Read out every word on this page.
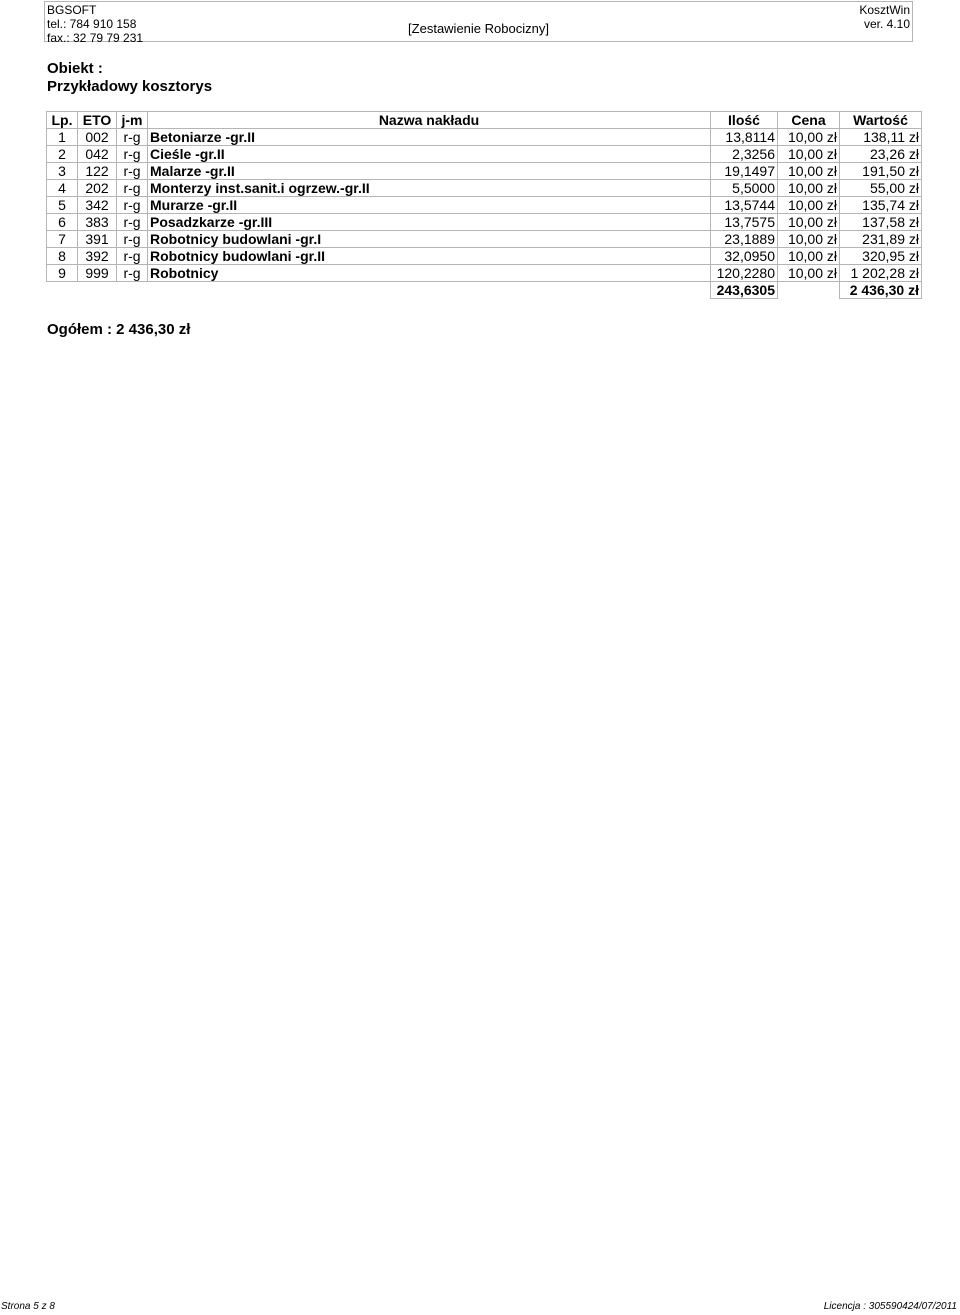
BGSOFT
tel.: 784 910 158
fax.: 32 79 79 231
[Zestawienie Robocizny]
KosztWin
ver. 4.10
Obiekt :
Przykładowy kosztorys
Lp.	ETO	j-m	Nazwa nakładu	Ilość	Cena	Wartość
1	002	r-g	Betoniarze -gr.II	13,8114	10,00 zł	138,11 zł
2	042	r-g	Cieśle -gr.II	2,3256	10,00 zł	23,26 zł
3	122	r-g	Malarze -gr.II	19,1497	10,00 zł	191,50 zł
4	202	r-g	Monterzy inst.sanit.i ogrzew.-gr.II	5,5000	10,00 zł	55,00 zł
5	342	r-g	Murarze -gr.II	13,5744	10,00 zł	135,74 zł
6	383	r-g	Posadzkarze -gr.III	13,7575	10,00 zł	137,58 zł
7	391	r-g	Robotnicy budowlani -gr.I	23,1889	10,00 zł	231,89 zł
8	392	r-g	Robotnicy budowlani -gr.II	32,0950	10,00 zł	320,95 zł
9	999	r-g	Robotnicy	120,2280	10,00 zł	1 202,28 zł
				243,6305		2 436,30 zł
Ogółem : 2 436,30 zł
Strona 5 z 8	Licencja : 305590424/07/2011
